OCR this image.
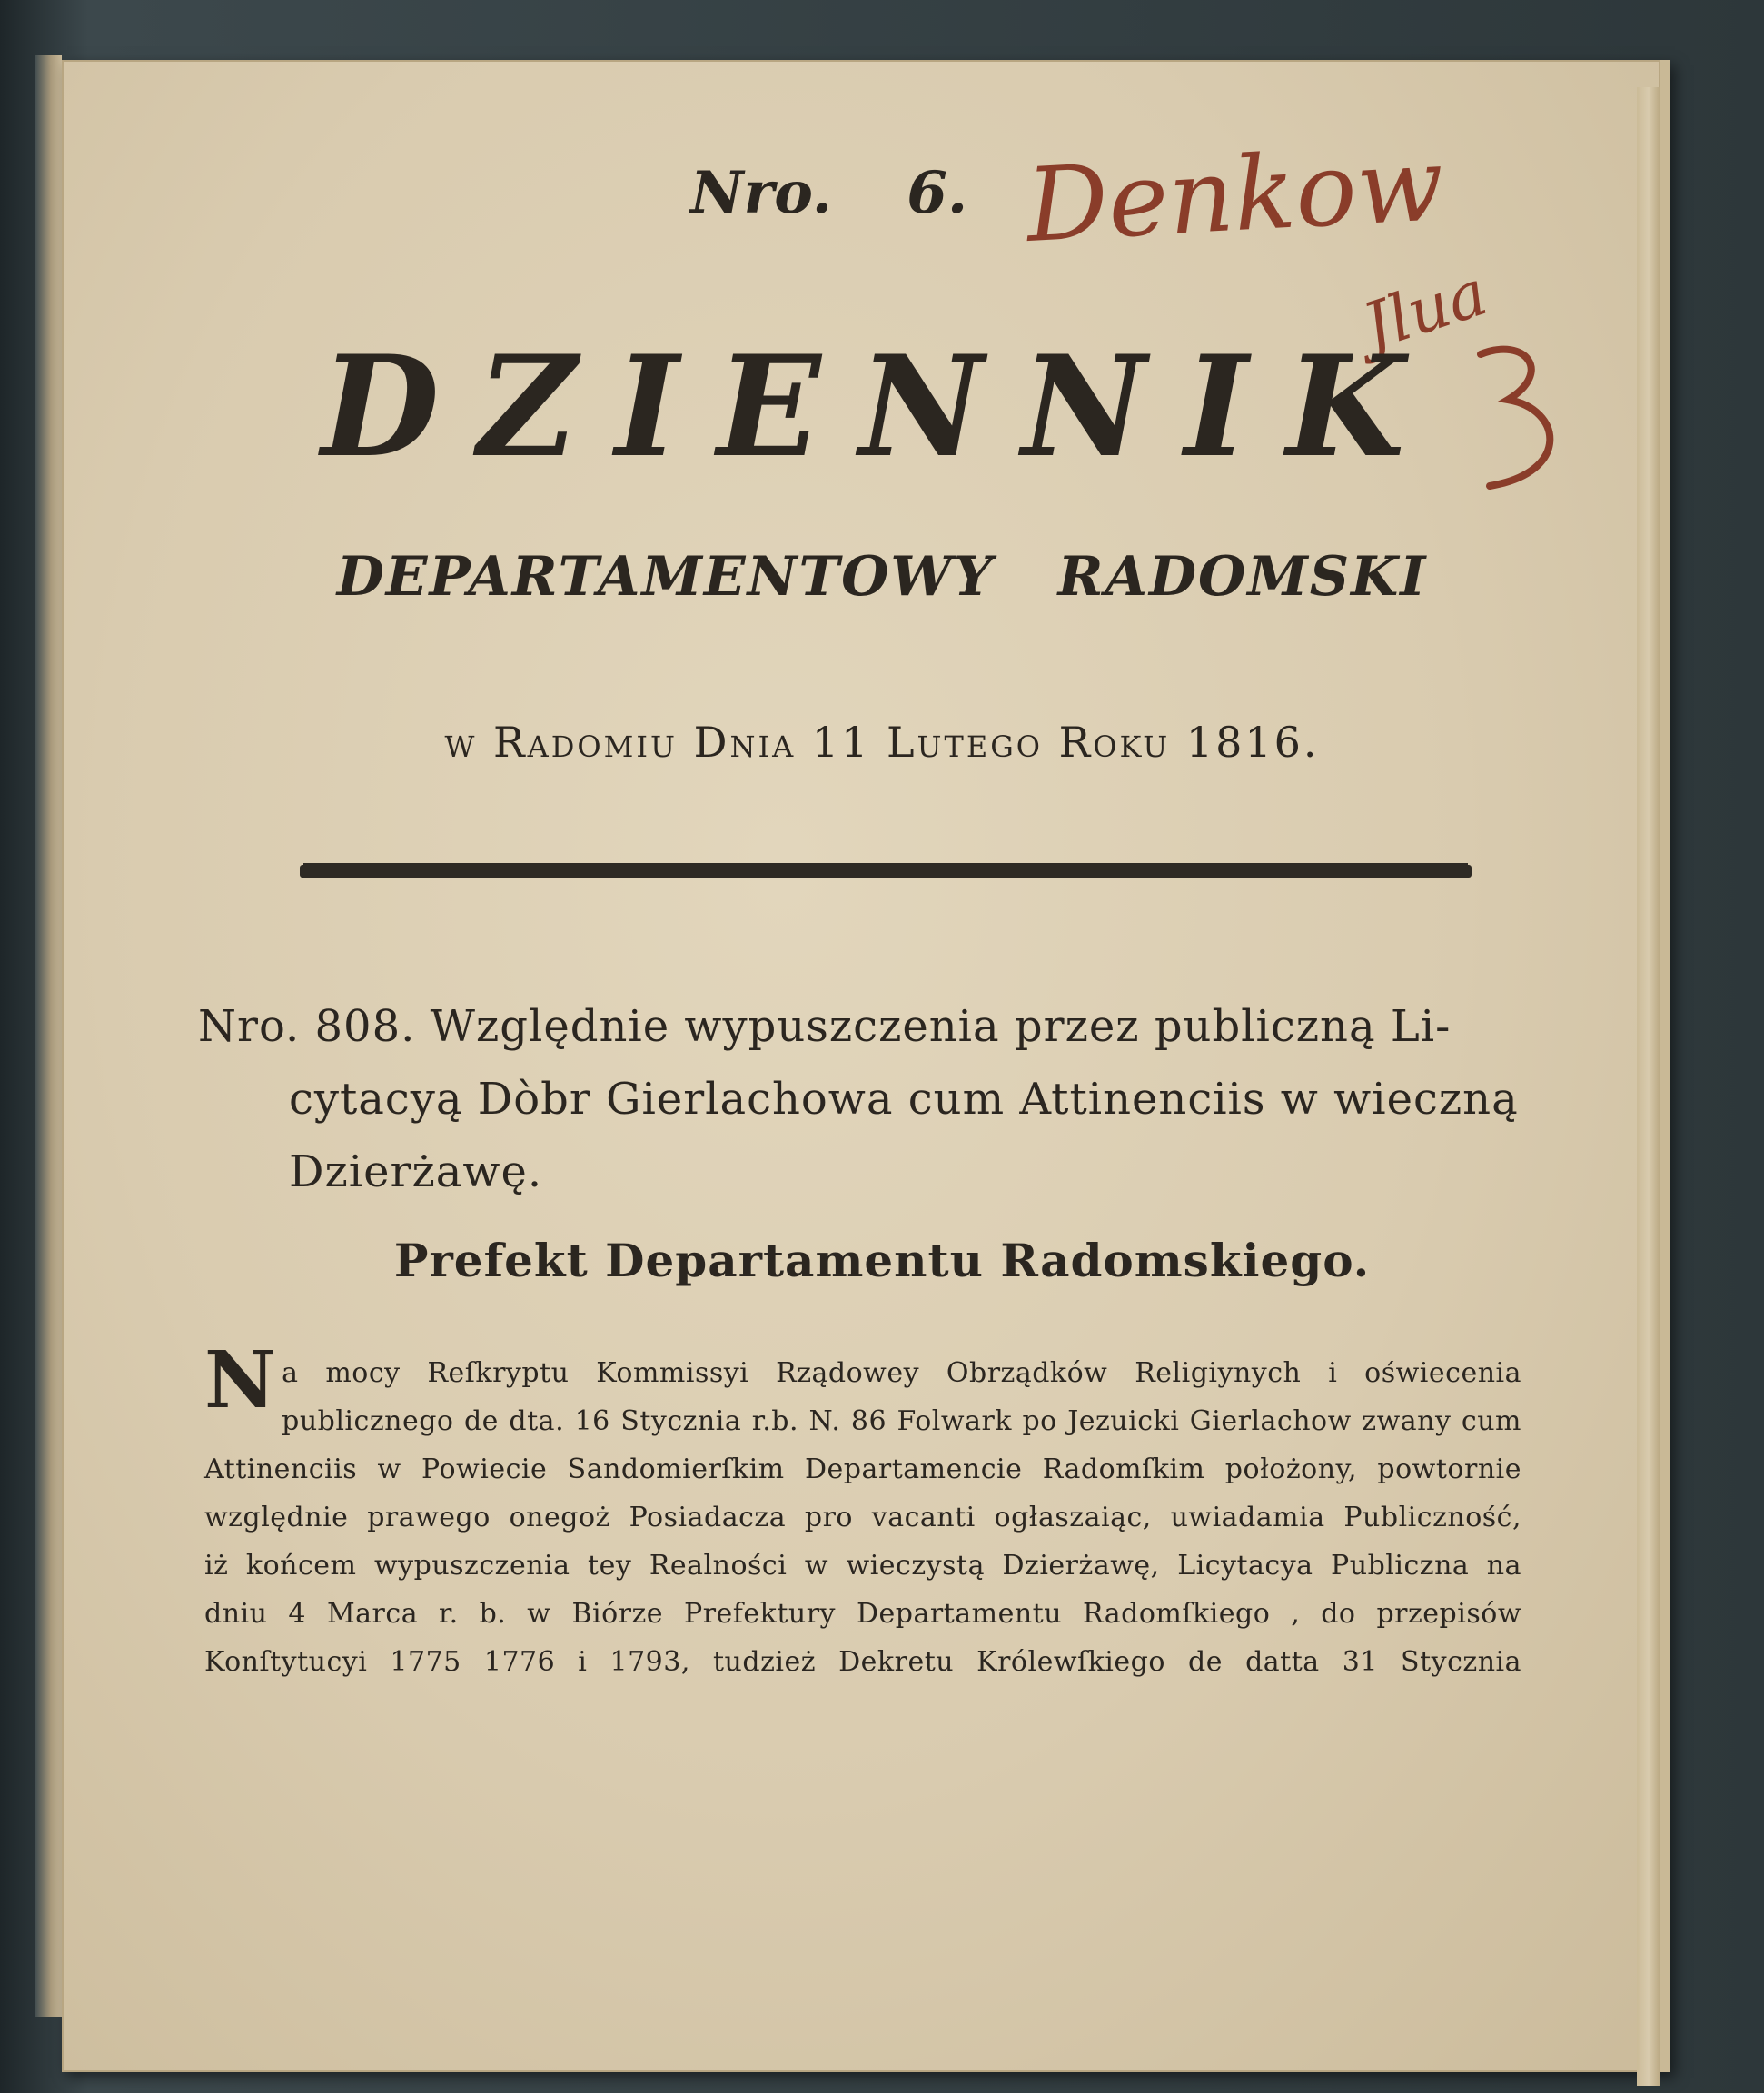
Nro. 6. Denkow
Jlua
DZIENNIK
DEPARTAMENTOWY RADOMSKI
w Radomiu Dnia 11 Lutego Roku 1816.
Nro. 808. Względnie wypuszczenia przez publiczną Li-
cytacyą Dòbr Gierlachowa cum Attinenciis w wieczną
Dzierżawę.
Prefekt Departamentu Radomskiego.
N a mocy Reſkryptu Kommissyi Rządowey Obrządków Religiynych i oświecenia
publicznego de dta. 16 Stycznia r.b. N. 86 Folwark po Jezuicki Gierlachow zwany cum
Attinenciis w Powiecie Sandomierſkim Departamencie Radomſkim położony, powtornie
względnie prawego onegoż Posiadacza pro vacanti ogłaszaiąc, uwiadamia Publiczność,
iż końcem wypuszczenia tey Realności w wieczystą Dzierżawę, Licytacya Publiczna na
dniu 4 Marca r. b. w Biórze Prefektury Departamentu Radomſkiego , do przepisów
Konſtytucyi 1775 1776 i 1793, tudzież Dekretu Królewſkiego de datta 31 Stycznia
